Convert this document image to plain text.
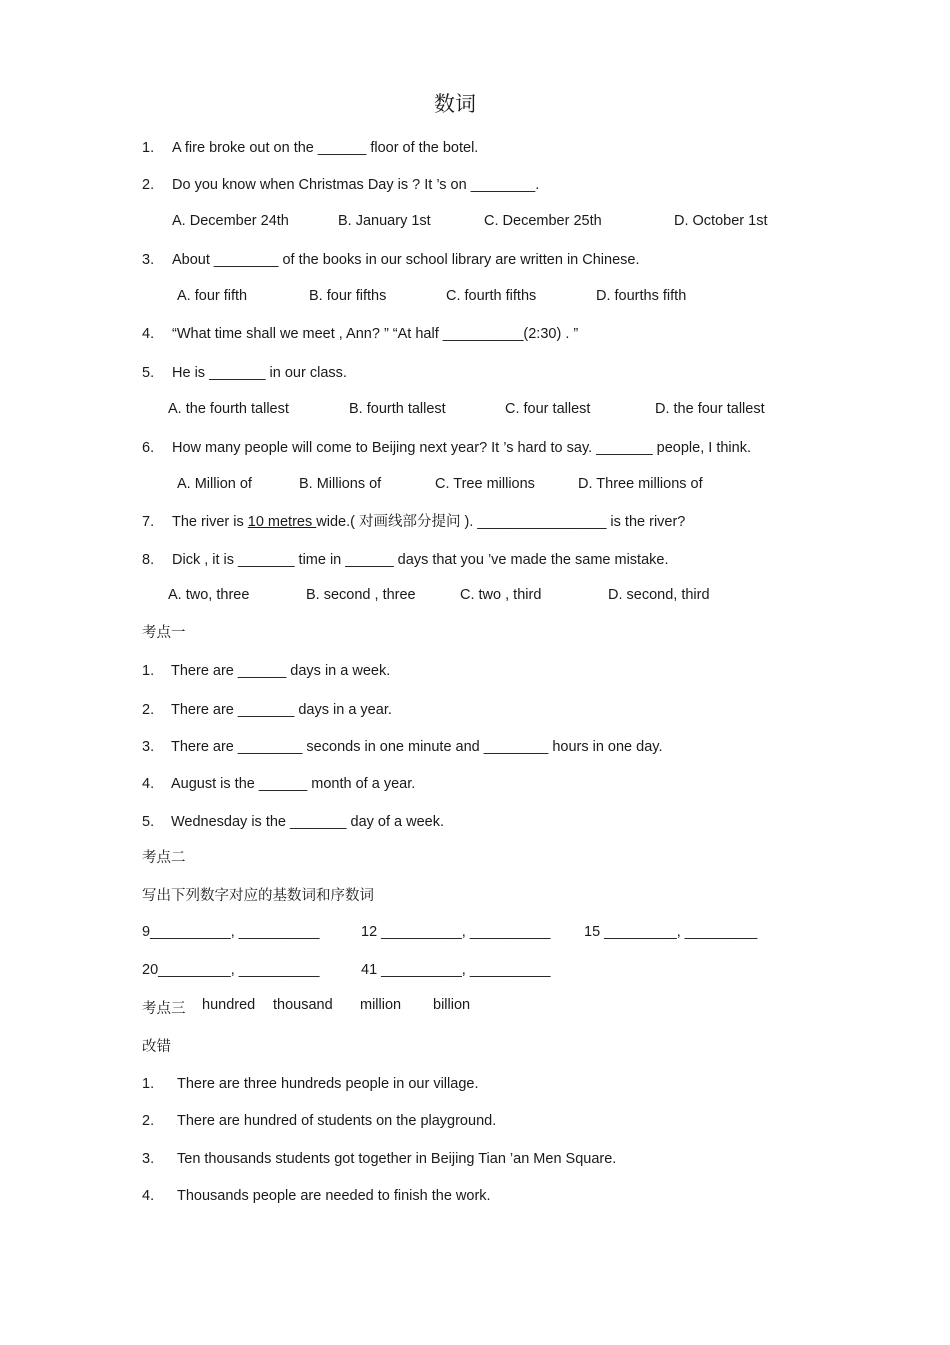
数词
1. A fire broke out on the ______ floor of the botel.
2. Do you know when Christmas Day is ? It ’s on ________.
A. December 24th	B. January 1st	C. December 25th	D. October 1st
3. About ________ of the books in our school library are written in Chinese.
A. four fifth	B. four fifths	C. fourth fifths	D. fourths fifth
4. “What time shall we meet , Ann? ” “At half __________(2:30) . ”
5. He is _______ in our class.
A. the fourth tallest	B. fourth tallest	C. four tallest	D. the four tallest
6. How many people will come to Beijing next year? It ’s hard to say. _______ people, I think.
A. Million of	B. Millions of	C. Tree millions	D. Three millions of
7. The river is 10 metres wide.( 对画线部分提问 ). ________________ is the river?
8. Dick , it is _______ time in ______ days that you ’ve made the same mistake.
A. two, three	B. second , three	C. two , third	D. second, third
考点一
1. There are ______ days in a week.
2. There are _______ days in a year.
3. There are ________ seconds in one minute and ________ hours in one day.
4. August is the ______ month of a year.
5. Wednesday is the _______ day of a week.
考点二
写出下列数字对应的基数词和序数词
9__________, __________	12 __________, __________ 15 _________, _________
20_________, __________	41 __________, __________
考点三 hundred thousand million billion
改错
1. There are three hundreds people in our village.
2. There are hundred of students on the playground.
3. Ten thousands students got together in Beijing Tian ’an Men Square.
4. Thousands people are needed to finish the work.
